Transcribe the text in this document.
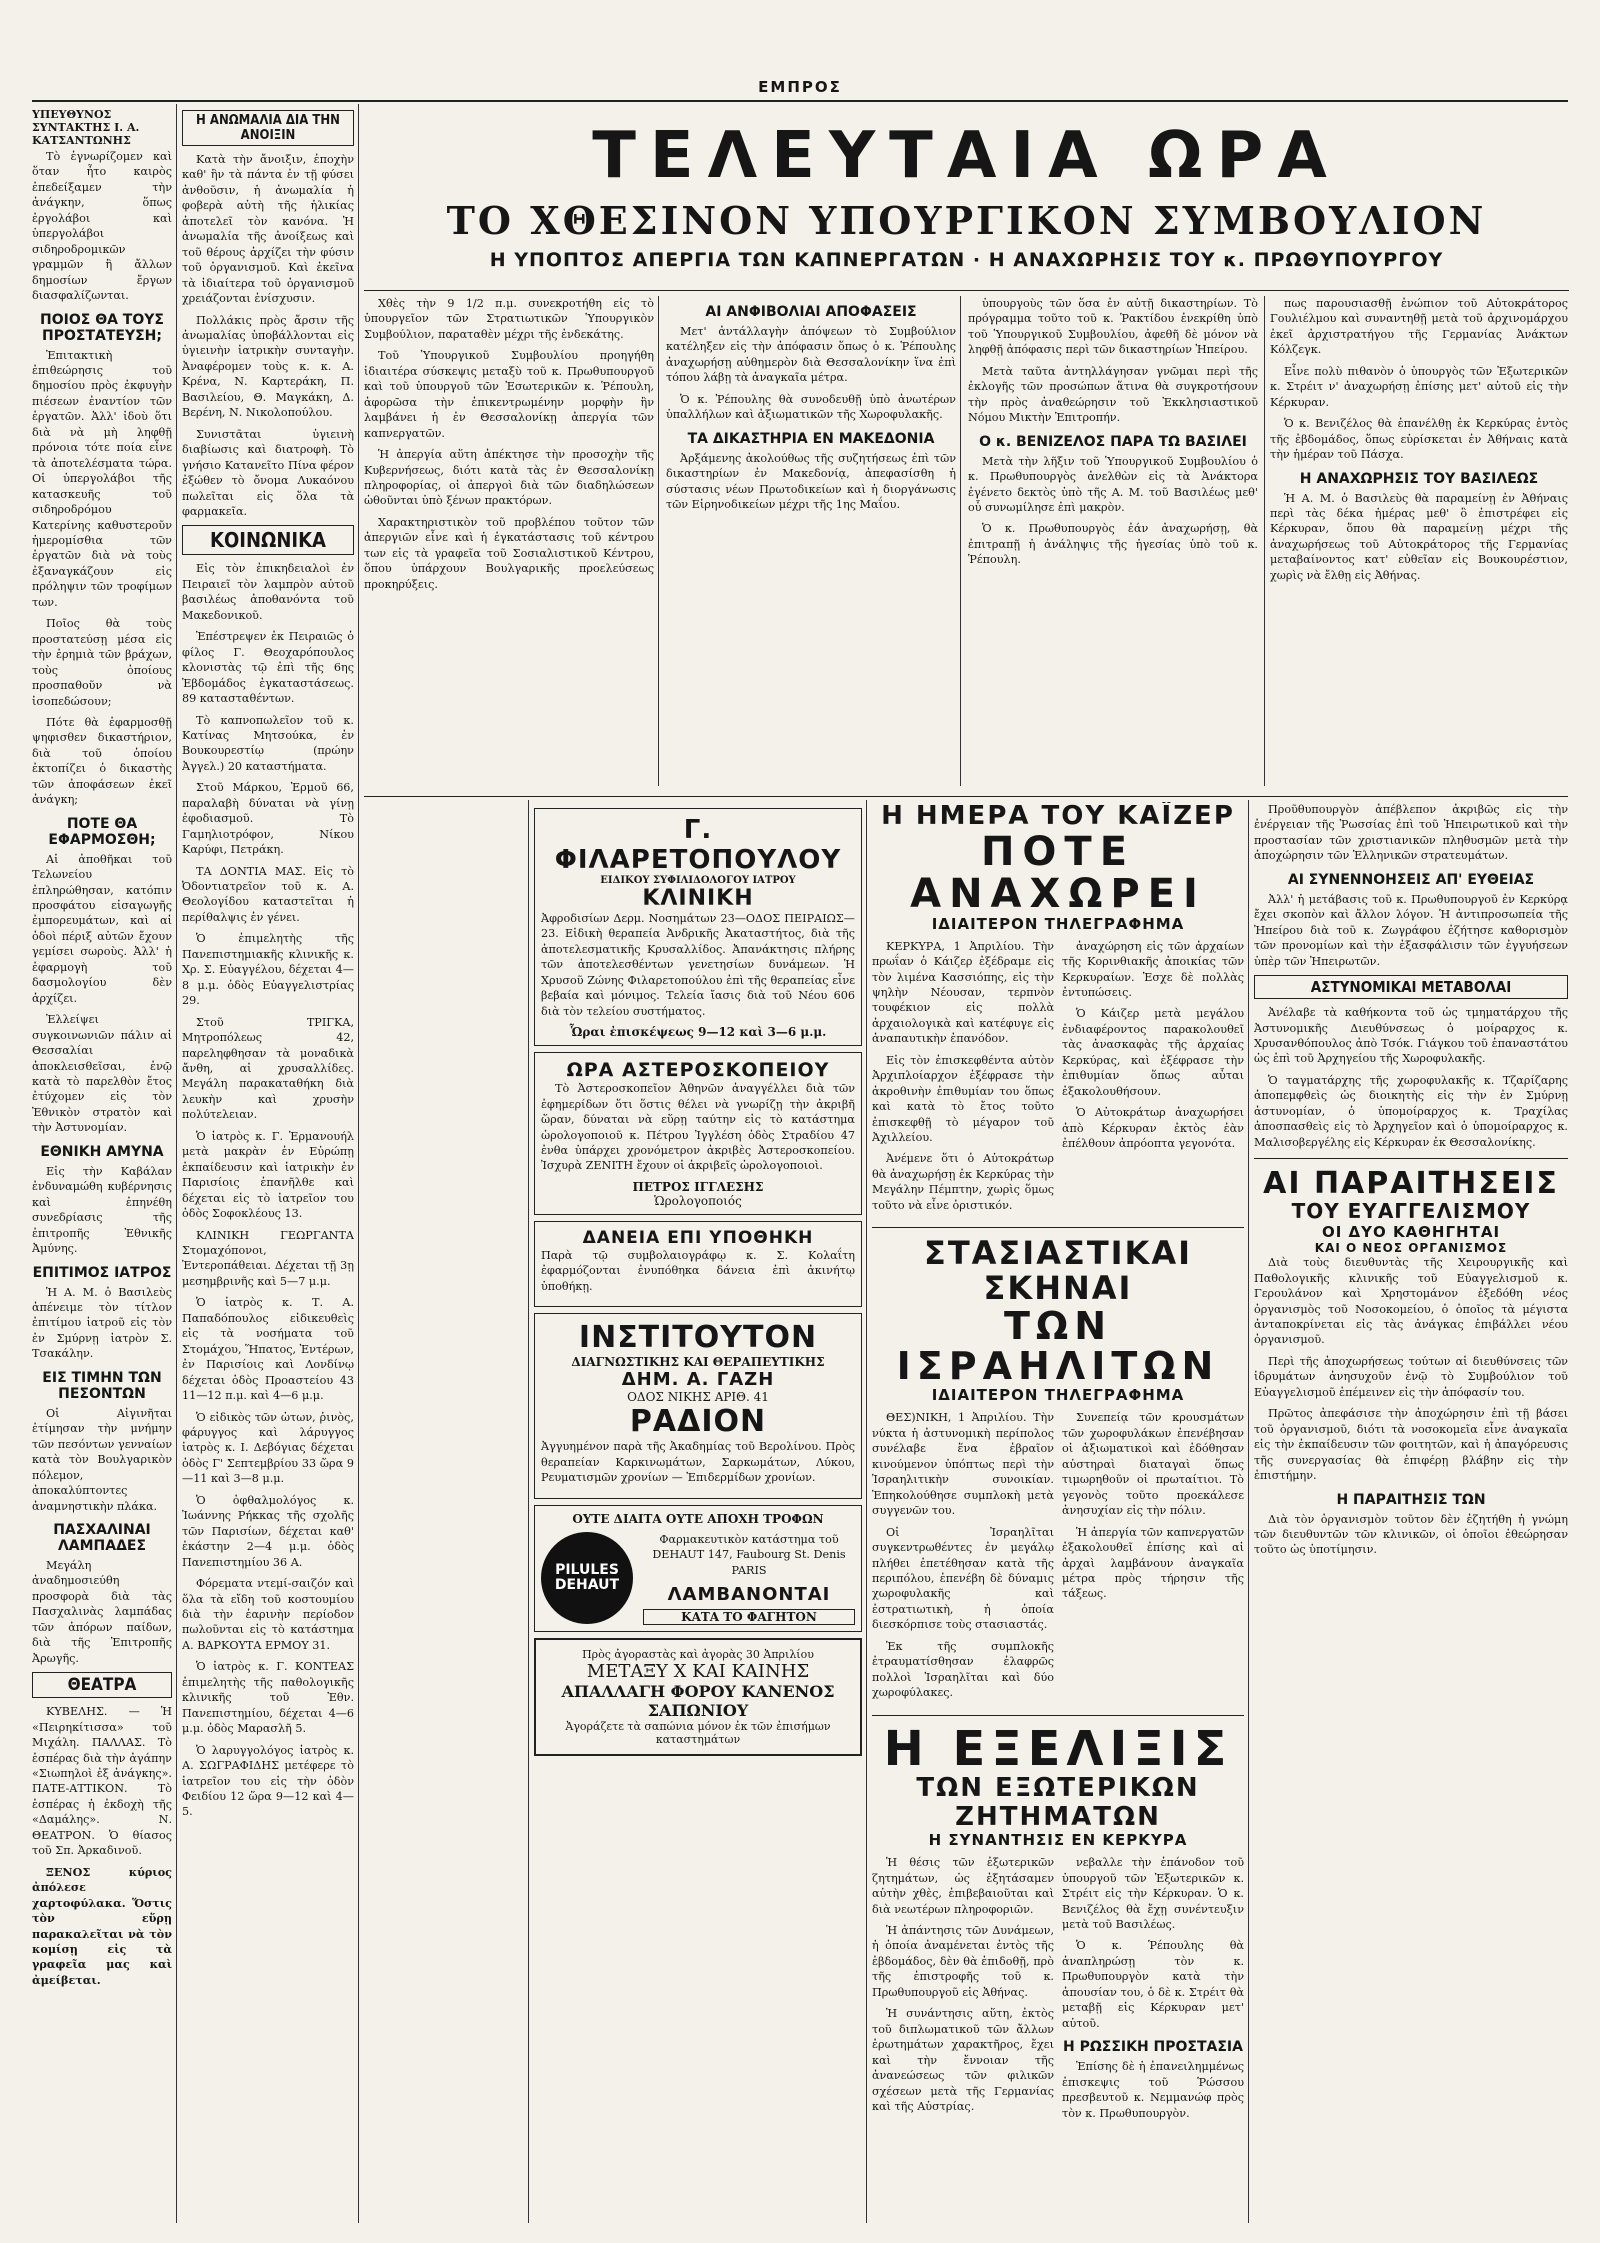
ΕΜΠΡΟΣ
ΥΠΕΥΘΥΝΟΣ ΣΥΝΤΑΚΤΗΣ Ι. Α. ΚΑΤΣΑΝΤΩΝΗΣ

Τὸ ἐγνωρίζομεν καὶ ὅταν ἦτο καιρὸς ἐπεδείξαμεν τὴν ἀνάγκην, ὅπως ἐργολάβοι καὶ ὑπεργολάβοι σιδηροδρομικῶν γραμμῶν ἢ ἄλλων δημοσίων ἔργων διασφαλίζωνται.

ΠΟΙΟΣ ΘΑ ΤΟΥΣ ΠΡΟΣΤΑΤΕΥΣΗ;

Ἐπιτακτικὴ ἐπιθεώρησις τοῦ δημοσίου πρὸς ἐκφυγὴν πιέσεων ἐναντίον τῶν ἐργατῶν. Ἀλλ' ἰδοὺ ὅτι διὰ νὰ μὴ ληφθῇ πρόνοια τότε ποία εἶνε τὰ ἀποτελέσματα τώρα. Οἱ ὑπεργολάβοι τῆς κατασκευῆς τοῦ σιδηροδρόμου Κατερίνης καθυστεροῦν ἡμερομίσθια τῶν ἐργατῶν διὰ νὰ τοὺς ἐξαναγκάζουν εἰς πρόληψιν τῶν τροφίμων των.

Ποῖος θὰ τοὺς προστατεύσῃ μέσα εἰς τὴν ἐρημιὰ τῶν βράχων, τοὺς ὁποίους προσπαθοῦν νὰ ἰσοπεδώσουν;

Πότε θὰ ἐφαρμοσθῇ ψηφισθεν δικαστήριον, διὰ τοῦ ὁποίου ἐκτοπίζει ὁ δικαστὴς τῶν ἀποφάσεων ἐκεῖ ἀνάγκη;

ΠΟΤΕ ΘΑ ΕΦΑΡΜΟΣΘΗ;

Αἱ ἀποθῆκαι τοῦ Τελωνείου ἐπληρώθησαν, κατόπιν προσφάτου εἰσαγωγῆς ἐμπορευμάτων, καὶ αἱ ὁδοὶ πέριξ αὐτῶν ἔχουν γεμίσει σωροὺς. Ἀλλ' ἡ ἐφαρμογὴ τοῦ δασμολογίου δὲν ἀρχίζει.

Ἐλλείψει συγκοινωνιῶν πάλιν αἱ Θεσσαλίαι ἀποκλεισθεῖσαι, ἐνῷ κατὰ τὸ παρελθὸν ἔτος ἐτύχομεν εἰς τὸν Ἐθνικὸν στρατὸν καὶ τὴν Ἀστυνομίαν.

ΕΘΝΙΚΗ ΑΜΥΝΑ

Εἰς τὴν Καβάλαν ἐνδυναμώθη κυβέρνησις καὶ ἐπηνέθη συνεδρίασις τῆς ἐπιτροπῆς Ἐθνικῆς Ἀμύνης.

ΕΠΙΤΙΜΟΣ ΙΑΤΡΟΣ

Ἡ Α. Μ. ὁ Βασιλεὺς ἀπένειμε τὸν τίτλον ἐπιτίμου ἰατροῦ εἰς τὸν ἐν Σμύρνῃ ἰατρὸν Σ. Τσακάλην.

ΕΙΣ ΤΙΜΗΝ ΤΩΝ ΠΕΣΟΝΤΩΝ

Οἱ Αἰγινῆται ἐτίμησαν τὴν μνήμην τῶν πεσόντων γενναίων κατὰ τὸν Βουλγαρικὸν πόλεμον, ἀποκαλύπτοντες ἀναμνηστικὴν πλάκα.

ΠΑΣΧΑΛΙΝΑΙ ΛΑΜΠΑΔΕΣ

Μεγάλη ἀναδημοσιεύθη προσφορὰ διὰ τὰς Πασχαλινὰς λαμπάδας τῶν ἀπόρων παίδων, διὰ τῆς Ἐπιτροπῆς Ἀρωγῆς.

ΘΕΑΤΡΑ

ΚΥΒΕΛΗΣ. — Ἡ «Πειρηκίτισσα» τοῦ Μιχάλη. ΠΑΛΛΑΣ. Τὸ ἑσπέρας διὰ τὴν ἀγάπην «Σιωπηλοὶ ἐξ ἀνάγκης». ΠΑΤΕ-ΑΤΤΙΚΟΝ. Τὸ ἑσπέρας ἡ ἐκδοχὴ τῆς «Δαμάλης». Ν. ΘΕΑΤΡΟΝ. Ὁ θίασος τοῦ Σπ. Ἀρκαδινοῦ.

ΞΕΝΟΣ κύριος ἀπόλεσε χαρτοφύλακα. Ὅστις τὸν εὕρῃ παρακαλεῖται νὰ τὸν κομίσῃ εἰς τὰ γραφεῖα μας καὶ ἀμείβεται.

Η ΑΝΩΜΑΛΙΑ ΔΙΑ ΤΗΝ ΑΝΟΙΞΙΝ

Κατὰ τὴν ἄνοιξιν, ἐποχὴν καθ' ἣν τὰ πάντα ἐν τῇ φύσει ἀνθοῦσιν, ἡ ἀνωμαλία ἡ φοβερὰ αὐτὴ τῆς ἡλικίας ἀποτελεῖ τὸν κανόνα. Ἡ ἀνωμαλία τῆς ἀνοίξεως καὶ τοῦ θέρους ἀρχίζει τὴν φύσιν τοῦ ὀργανισμοῦ. Καὶ ἐκεῖνα τὰ ἰδιαίτερα τοῦ ὀργανισμοῦ χρειάζονται ἐνίσχυσιν.

Πολλάκις πρὸς ἄρσιν τῆς ἀνωμαλίας ὑποβάλλονται εἰς ὑγιεινὴν ἰατρικὴν συνταγὴν. Ἀναφέρομεν τοὺς κ. κ. Α. Κρένα, Ν. Καρτεράκη, Π. Βασιλείου, Θ. Μαγκάκη, Δ. Βερένη, Ν. Νικολοπούλου.

Συνιστᾶται ὑγιεινὴ διαβίωσις καὶ διατροφὴ. Τὸ γνήσιο Κατανεῖτο Πίνα φέρον ἐξώθεν τὸ ὄνομα Λυκαόνου πωλεῖται εἰς ὅλα τὰ φαρμακεῖα.

ΚΟΙΝΩΝΙΚΑ

Εἰς τὸν ἐπικηδειαλοὶ ἐν Πειραιεῖ τὸν λαμπρὸν αὐτοῦ βασιλέως ἀποθανόντα τοῦ Μακεδονικοῦ.

Ἐπέστρεψεν ἐκ Πειραιῶς ὁ φίλος Γ. Θεοχαρόπουλος κλονιστὰς τῷ ἐπὶ τῆς 6ης Ἑβδομάδος ἐγκαταστάσεως. 89 κατασταθέντων.

Τὸ καπνοπωλεῖον τοῦ κ. Κατίνας Μητσούκα, ἐν Βουκουρεστίῳ (πρώην Ἀγγελ.) 20 καταστήματα.

Στοῦ Μάρκου, Ἑρμοῦ 66, παραλαβὴ δύναται νὰ γίνῃ ἐφοδιασμοῦ. Τὸ Γαμηλιοτρόφον, Νίκου Καρύφι, Πετράκη.

ΤΑ ΔΟΝΤΙΑ ΜΑΣ. Εἰς τὸ Ὀδοντιατρεῖον τοῦ κ. Α. Θεολογίδου καταστεῖται ἡ περίθαλψις ἐν γένει.

Ὁ ἐπιμελητὴς τῆς Πανεπιστημιακῆς κλινικῆς κ. Χρ. Σ. Εὐαγγέλου, δέχεται 4—8 μ.μ. ὁδὸς Εὐαγγελιστρίας 29.

Στοῦ ΤΡΙΓΚΑ, Μητροπόλεως 42, παρεληφθησαν τὰ μοναδικὰ ἄνθη, αἱ χρυσαλλίδες. Μεγάλη παρακαταθήκη διὰ λευκὴν καὶ χρυσὴν πολύτελειαν.

Ὁ ἰατρὸς κ. Γ. Ἑρμανουήλ μετὰ μακρὰν ἐν Εὐρώπῃ ἐκπαίδευσιν καὶ ἰατρικὴν ἐν Παρισίοις ἐπανῆλθε καὶ δέχεται εἰς τὸ ἰατρεῖον του ὁδὸς Σοφοκλέους 13.

ΚΛΙΝΙΚΗ ΓΕΩΡΓΑΝΤΑ Στομαχόπονοι, Ἐντεροπάθειαι. Δέχεται τῇ 3ῃ μεσημβρινῆς καὶ 5—7 μ.μ.

Ὁ ἰατρὸς κ. Τ. Α. Παπαδόπουλος εἰδικευθεὶς εἰς τὰ νοσήματα τοῦ Στομάχου, Ἥπατος, Ἐντέρων, ἐν Παρισίοις καὶ Λονδίνῳ δέχεται ὁδὸς Προαστείου 43 11—12 π.μ. καὶ 4—6 μ.μ.

Ὁ εἰδικὸς τῶν ὠτων, ῥινὸς, φάρυγγος καὶ λάρυγγος ἰατρὸς κ. Ι. Δεβόγιας δέχεται ὁδὸς Γ' Σεπτεμβρίου 33 ὥρα 9—11 καὶ 3—8 μ.μ.

Ὁ ὀφθαλμολόγος κ. Ἰωάννης Ρήκκας τῆς σχολῆς τῶν Παρισίων, δέχεται καθ' ἑκάστην 2—4 μ.μ. ὁδὸς Πανεπιστημίου 36 Α.

Φόρεματα ντεμί-σαιζόν καὶ ὅλα τὰ εἴδη τοῦ κοστουμίου διὰ τὴν ἐαρινὴν περίοδον πωλοῦνται εἰς τὸ κατάστημα Α. ΒΑΡΚΟΥΤΑ ΕΡΜΟΥ 31.

Ὁ ἰατρὸς κ. Γ. ΚΟΝΤΕΑΣ ἐπιμελητὴς τῆς παθολογικῆς κλινικῆς τοῦ Ἐθν. Πανεπιστημίου, δέχεται 4—6 μ.μ. ὁδὸς Μαρασλῆ 5.

Ὁ λαρυγγολόγος ἰατρὸς κ. Α. ΣΩΓΡΑΦΙΔΗΣ μετέφερε τὸ ἰατρεῖον του εἰς τὴν ὁδὸν Φειδίου 12 ὥρα 9—12 καὶ 4—5.

ΤΕΛΕΥΤΑΙΑ ΩΡΑ
ΤΟ ΧΘΕΣΙΝΟΝ ΥΠΟΥΡΓΙΚΟΝ ΣΥΜΒΟΥΛΙΟΝ
Η ΥΠΟΠΤΟΣ ΑΠΕΡΓΙΑ ΤΩΝ ΚΑΠΝΕΡΓΑΤΩΝ · Η ΑΝΑΧΩΡΗΣΙΣ ΤΟΥ κ. ΠΡΩΘΥΠΟΥΡΓΟΥ

Χθὲς τὴν 9 1/2 π.μ. συνεκροτήθη εἰς τὸ ὑπουργεῖον τῶν Στρατιωτικῶν Ὑπουργικὸν Συμβούλιον, παραταθὲν μέχρι τῆς ἐνδεκάτης.

Τοῦ Ὑπουργικοῦ Συμβουλίου προηγήθη ἰδιαιτέρα σύσκεψις μεταξὺ τοῦ κ. Πρωθυπουργοῦ καὶ τοῦ ὑπουργοῦ τῶν Ἐσωτερικῶν κ. Ῥέπουλη, ἀφορῶσα τὴν ἐπικεντρωμένην μορφὴν ἣν λαμβάνει ἡ ἐν Θεσσαλονίκῃ ἀπεργία τῶν καπνεργατῶν.

Ἡ ἀπεργία αὕτη ἀπέκτησε τὴν προσοχὴν τῆς Κυβερνήσεως, διότι κατὰ τὰς ἐν Θεσσαλονίκῃ πληροφορίας, οἱ ἀπεργοὶ διὰ τῶν διαδηλώσεων ὠθοῦνται ὑπὸ ξένων πρακτόρων.

Χαρακτηριστικὸν τοῦ προβλέπου τοῦτον τῶν ἀπεργιῶν εἶνε καὶ ἡ ἐγκατάστασις τοῦ κέντρου των εἰς τὰ γραφεῖα τοῦ Σοσιαλιστικοῦ Κέντρου, ὅπου ὑπάρχουν Βουλγαρικῆς προελεύσεως προκηρύξεις.

ΑΙ ΑΝΦΙΒΟΛΙΑΙ ΑΠΟΦΑΣΕΙΣ

Μετ' ἀντάλλαγὴν ἀπόψεων τὸ Συμβούλιον κατέληξεν εἰς τὴν ἀπόφασιν ὅπως ὁ κ. Ῥέπουλης ἀναχωρήσῃ αὐθημερὸν διὰ Θεσσαλονίκην ἵνα ἐπὶ τόπου λάβῃ τὰ ἀναγκαῖα μέτρα.

Ὁ κ. Ῥέπουλης θὰ συνοδευθῇ ὑπὸ ἀνωτέρων ὑπαλλήλων καὶ ἀξιωματικῶν τῆς Χωροφυλακῆς.

ΤΑ ΔΙΚΑΣΤΗΡΙΑ ΕΝ ΜΑΚΕΔΟΝΙΑ

Ἀρξάμενης ἀκολούθως τῆς συζητήσεως ἐπὶ τῶν δικαστηρίων ἐν Μακεδονίᾳ, ἀπεφασίσθη ἡ σύστασις νέων Πρωτοδικείων καὶ ἡ διοργάνωσις τῶν Εἰρηνοδικείων μέχρι τῆς 1ης Μαΐου.

ὑπουργοὺς τῶν ὅσα ἐν αὐτῇ δικαστηρίων. Τὸ πρόγραμμα τοῦτο τοῦ κ. Ῥακτίδου ἐνεκρίθη ὑπὸ τοῦ Ὑπουργικοῦ Συμβουλίου, ἀφεθῆ δὲ μόνον νὰ ληφθῇ ἀπόφασις περὶ τῶν δικαστηρίων Ἠπείρου.

Μετὰ ταῦτα ἀντηλλάγησαν γνῶμαι περὶ τῆς ἐκλογῆς τῶν προσώπων ἅτινα θὰ συγκροτήσουν τὴν πρὸς ἀναθεώρησιν τοῦ Ἐκκλησιαστικοῦ Νόμου Μικτὴν Ἐπιτροπήν.

Ο κ. ΒΕΝΙΖΕΛΟΣ ΠΑΡΑ ΤΩ ΒΑΣΙΛΕΙ

Μετὰ τὴν λῆξιν τοῦ Ὑπουργικοῦ Συμβουλίου ὁ κ. Πρωθυπουργὸς ἀνελθὼν εἰς τὰ Ἀνάκτορα ἐγένετο δεκτὸς ὑπὸ τῆς Α. Μ. τοῦ Βασιλέως μεθ' οὗ συνωμίλησε ἐπὶ μακρὸν.

Ὁ κ. Πρωθυπουργὸς ἐάν ἀναχωρήσῃ, θὰ ἐπιτραπῇ ἡ ἀνάληψις τῆς ἡγεσίας ὑπὸ τοῦ κ. Ῥέπουλη.

πως παρουσιασθῇ ἐνώπιον τοῦ Αὐτοκράτορος Γουλιέλμου καὶ συναντηθῇ μετὰ τοῦ ἀρχινομάρχου ἐκεῖ ἀρχιστρατήγου τῆς Γερμανίας Ἀνάκτων Κόλζεγκ.

Εἶνε πολὺ πιθανὸν ὁ ὑπουργὸς τῶν Ἐξωτερικῶν κ. Στρέιτ ν' ἀναχωρήσῃ ἐπίσης μετ' αὐτοῦ εἰς τὴν Κέρκυραν.

Ὁ κ. Βενιζέλος θὰ ἐπανέλθῃ ἐκ Κερκύρας ἐντὸς τῆς ἑβδομάδος, ὅπως εὑρίσκεται ἐν Ἀθήναις κατὰ τὴν ἡμέραν τοῦ Πάσχα.

Η ΑΝΑΧΩΡΗΣΙΣ ΤΟΥ ΒΑΣΙΛΕΩΣ

Ἡ Α. Μ. ὁ Βασιλεὺς θὰ παραμείνῃ ἐν Ἀθήναις περὶ τὰς δέκα ἡμέρας μεθ' ὃ ἐπιστρέφει εἰς Κέρκυραν, ὅπου θὰ παραμείνῃ μέχρι τῆς ἀναχωρήσεως τοῦ Αὐτοκράτορος τῆς Γερμανίας μεταβαίνοντος κατ' εὐθεῖαν εἰς Βουκουρέστιον, χωρὶς νὰ ἔλθῃ εἰς Ἀθήνας.

Γ. ΦΙΛΑΡΕΤΟΠΟΥΛΟΥ
ΕΙΔΙΚΟΥ ΣΥΦΙΛΙΔΟΛΟΓΟΥ ΙΑΤΡΟΥ
ΚΛΙΝΙΚΗ

Ἀφροδισίων Δερμ. Νοσημάτων 23—ΟΔΟΣ ΠΕΙΡΑΙΩΣ—23. Εἰδικὴ θεραπεία Ἀνδρικῆς Ἀκαταστήτος, διὰ τῆς ἀποτελεσματικῆς Κρυσαλλίδος. Ἀπανάκτησις πλήρης τῶν ἀποτελεσθέντων γενετησίων δυνάμεων. Ἡ Χρυσοῦ Ζώνης Φιλαρετοπούλου ἐπὶ τῆς θεραπείας εἶνε βεβαία καὶ μόνιμος. Τελεία ἴασις διὰ τοῦ Νέου 606 διὰ τὸν τελείου συστήματος.

Ὧραι ἐπισκέψεως 9—12 καὶ 3—6 μ.μ.
ΩΡΑ ΑΣΤΕΡΟΣΚΟΠΕΙΟΥ

Τὸ Ἀστεροσκοπεῖον Ἀθηνῶν ἀναγγέλλει διὰ τῶν ἐφημερίδων ὅτι ὅστις θέλει νὰ γνωρίζῃ τὴν ἀκριβῆ ὥραν, δύναται νὰ εὕρῃ ταύτην εἰς τὸ κατάστημα ὡρολογοποιοῦ κ. Πέτρου Ἰγγλέση ὁδὸς Στραδίου 47 ἐνθα ὑπάρχει χρονόμετρον ἀκριβὲς Ἀστεροσκοπείου. Ἰσχυρὰ ZENITH ἔχουν οἱ ἀκριβεῖς ὡρολογοποιοὶ.

ΠΕΤΡΟΣ ΙΓΓΛΕΣΗΣ
Ὡρολογοποιός
ΔΑΝΕΙΑ ΕΠΙ ΥΠΟΘΗΚΗ

Παρὰ τῷ συμβολαιογράφῳ κ. Σ. Κολαΐτη ἐφαρμόζονται ἐνυπόθηκα δάνεια ἐπὶ ἀκινήτῳ ὑποθήκῃ.

ΙΝΣΤΙΤΟΥΤΟΝ
ΔΙΑΓΝΩΣΤΙΚΗΣ ΚΑΙ ΘΕΡΑΠΕΥΤΙΚΗΣ
ΔΗΜ. Α. ΓΑΖΗ
ΟΔΟΣ ΝΙΚΗΣ ΑΡΙΘ. 41
ΡΑΔΙΟΝ

Ἀγγυημένον παρὰ τῆς Ἀκαδημίας τοῦ Βερολίνου. Πρὸς θεραπείαν Καρκινωμάτων, Σαρκωμάτων, Λύκου, Ρευματισμῶν χρονίων — Ἐπιδερμίδων χρονίων.

ΟΥΤΕ ΔΙΑΙΤΑ ΟΥΤΕ ΑΠΟΧΗ ΤΡΟΦΩΝ
PILULES
DEHAUT

Φαρμακευτικὸν κατάστημα τοῦ DEHAUT 147, Faubourg St. Denis PARIS

ΛΑΜΒΑΝΟΝΤΑΙ
ΚΑΤΑ ΤΟ ΦΑΓΗΤΟΝ
Πρὸς ἀγοραστὰς καὶ ἀγορὰς 30 Ἀπριλίου
ΜΕΤΑΞΥ Χ ΚΑΙ ΚΑΙΝΗΣ
ΑΠΑΛΛΑΓΗ ΦΟΡΟΥ ΚΑΝΕΝΟΣ ΣΑΠΩΝΙΟΥ
Ἀγοράζετε τὰ σαπώνια μόνον ἐκ τῶν ἐπισήμων καταστημάτων
Η ΗΜΕΡΑ ΤΟΥ ΚΑΪΖΕΡ
ΠΟΤΕ ΑΝΑΧΩΡΕΙ
ΙΔΙΑΙΤΕΡΟΝ ΤΗΛΕΓΡΑΦΗΜΑ

ΚΕΡΚΥΡΑ, 1 Ἀπριλίου. Τὴν πρωΐαν ὁ Κάιζερ ἐξέδραμε εἰς τὸν λιμένα Κασσιόπης, εἰς τὴν ψηλὴν Νέουσαν, τερπνὸν τουφέκιον εἰς πολλὰ ἀρχαιολογικὰ καὶ κατέφυγε εἰς ἀναπαυτικὴν ἐπανόδον.

Εἰς τὸν ἐπισκεφθέντα αὐτὸν Ἀρχιπλοίαρχον ἐξέφρασε τὴν ἀκροθινὴν ἐπιθυμίαν του ὅπως καὶ κατὰ τὸ ἔτος τοῦτο ἐπισκεφθῇ τὸ μέγαρον τοῦ Ἀχιλλείου.

Ἀνέμενε ὅτι ὁ Αὐτοκράτωρ θὰ ἀναχωρήσῃ ἐκ Κερκύρας τὴν Μεγάλην Πέμπτην, χωρὶς ὅμως τοῦτο νὰ εἶνε ὁριστικόν.

ἀναχώρηση εἰς τῶν ἀρχαίων τῆς Κορινθιακῆς ἀποικίας τῶν Κερκυραίων. Ἐσχε δὲ πολλὰς ἐντυπώσεις.

Ὁ Κάιζερ μετὰ μεγάλου ἐνδιαφέροντος παρακολουθεῖ τὰς ἀνασκαφὰς τῆς ἀρχαίας Κερκύρας, καὶ ἐξέφρασε τὴν ἐπιθυμίαν ὅπως αὗται ἐξακολουθήσουν.

Ὁ Αὐτοκράτωρ ἀναχωρήσει ἀπὸ Κέρκυραν ἐκτὸς ἐὰν ἐπέλθουν ἀπρόοπτα γεγονότα.

ΣΤΑΣΙΑΣΤΙΚΑΙ ΣΚΗΝΑΙ
ΤΩΝ ΙΣΡΑΗΛΙΤΩΝ
ΙΔΙΑΙΤΕΡΟΝ ΤΗΛΕΓΡΑΦΗΜΑ

ΘΕΣ)ΝΙΚΗ, 1 Ἀπριλίου. Τὴν νύκτα ἡ ἀστυνομικὴ περίπολος συνέλαβε ἕνα ἐβραῖον κινούμενον ὑπόπτως περὶ τὴν Ἰσραηλιτικὴν συνοικίαν. Ἐπηκολούθησε συμπλοκὴ μετὰ συγγενῶν του.

Οἱ Ἰσραηλῖται συγκεντρωθέντες ἐν μεγάλῳ πλήθει ἐπετέθησαν κατὰ τῆς περιπόλου, ἐπενέβη δὲ δύναμις χωροφυλακῆς καὶ ἐστρατιωτικὴ, ἡ ὁποία διεσκόρπισε τοὺς στασιαστάς.

Ἐκ τῆς συμπλοκῆς ἐτραυματίσθησαν ἐλαφρῶς πολλοὶ Ἰσραηλῖται καὶ δύο χωροφύλακες.

Συνεπείᾳ τῶν κρουσμάτων τῶν χωροφυλάκων ἐπενέβησαν οἱ ἀξιωματικοὶ καὶ ἐδόθησαν αὐστηραὶ διαταγαὶ ὅπως τιμωρηθοῦν οἱ πρωταίτιοι. Τὸ γεγονὸς τοῦτο προεκάλεσε ἀνησυχίαν εἰς τὴν πόλιν.

Ἡ ἀπεργία τῶν καπνεργατῶν ἐξακολουθεῖ ἐπίσης καὶ αἱ ἀρχαὶ λαμβάνουν ἀναγκαῖα μέτρα πρὸς τήρησιν τῆς τάξεως.

Η ΕΞΕΛΙΞΙΣ
ΤΩΝ ΕΞΩΤΕΡΙΚΩΝ ΖΗΤΗΜΑΤΩΝ
Η ΣΥΝΑΝΤΗΣΙΣ ΕΝ ΚΕΡΚΥΡΑ

Ἡ θέσις τῶν ἐξωτερικῶν ζητημάτων, ὡς ἐξητάσαμεν αὐτὴν χθὲς, ἐπιβεβαιοῦται καὶ διὰ νεωτέρων πληροφοριῶν.

Ἡ ἀπάντησις τῶν Δυνάμεων, ἡ ὁποία ἀναμένεται ἐντὸς τῆς ἑβδομάδος, δὲν θὰ ἐπιδοθῇ, πρὸ τῆς ἐπιστροφῆς τοῦ κ. Πρωθυπουργοῦ εἰς Ἀθήνας.

Ἡ συνάντησις αὕτη, ἐκτὸς τοῦ διπλωματικοῦ τῶν ἄλλων ἐρωτημάτων χαρακτῆρος, ἔχει καὶ τὴν ἔννοιαν τῆς ἀνανεώσεως τῶν φιλικῶν σχέσεων μετὰ τῆς Γερμανίας καὶ τῆς Αὐστρίας.

νεβαλλε τὴν ἐπάνοδον τοῦ ὑπουργοῦ τῶν Ἐξωτερικῶν κ. Στρέιτ εἰς τὴν Κέρκυραν. Ὁ κ. Βενιζέλος θὰ ἔχῃ συνέντευξιν μετὰ τοῦ Βασιλέως.

Ὁ κ. Ῥέπουλης θὰ ἀναπληρώσῃ τὸν κ. Πρωθυπουργὸν κατὰ τὴν ἀπουσίαν του, ὁ δὲ κ. Στρέιτ θὰ μεταβῇ εἰς Κέρκυραν μετ' αὐτοῦ.

Η ΡΩΣΣΙΚΗ ΠΡΟΣΤΑΣΙΑ

Ἐπίσης δὲ ἡ ἐπανειλημμένως ἐπισκεψις τοῦ Ῥώσσου πρεσβευτοῦ κ. Νεμμανώφ πρὸς τὸν κ. Πρωθυπουργὸν.

Προῦθυπουργὸν ἀπέβλεπον ἀκριβῶς εἰς τὴν ἐνέργειαν τῆς Ῥωσσίας ἐπὶ τοῦ Ἠπειρωτικοῦ καὶ τὴν προστασίαν τῶν χριστιανικῶν πληθυσμῶν μετὰ τὴν ἀποχώρησιν τῶν Ἑλληνικῶν στρατευμάτων.

ΑΙ ΣΥΝΕΝΝΟΗΣΕΙΣ ΑΠ' ΕΥΘΕΙΑΣ

Ἀλλ' ἡ μετάβασις τοῦ κ. Πρωθυπουργοῦ ἐν Κερκύρᾳ ἔχει σκοπὸν καὶ ἄλλον λόγον. Ἡ ἀντιπροσωπεία τῆς Ἠπείρου διὰ τοῦ κ. Ζωγράφου ἐζήτησε καθορισμὸν τῶν προνομίων καὶ τὴν ἐξασφάλισιν τῶν ἐγγυήσεων ὑπὲρ τῶν Ἠπειρωτῶν.

ΑΣΤΥΝΟΜΙΚΑΙ ΜΕΤΑΒΟΛΑΙ

Ἀνέλαβε τὰ καθήκοντα τοῦ ὡς τμηματάρχου τῆς Ἀστυνομικῆς Διευθύνσεως ὁ μοίραρχος κ. Χρυσανθόπουλος ἀπὸ Τσόκ. Γιάγκου τοῦ ἐπαναστάτου ὡς ἐπὶ τοῦ Ἀρχηγείου τῆς Χωροφυλακῆς.

Ὁ ταγματάρχης τῆς χωροφυλακῆς κ. Τζαρίζαρης ἀποπεμφθεὶς ὡς διοικητὴς εἰς τὴν ἐν Σμύρνῃ ἀστυνομίαν, ὁ ὑπομοίραρχος κ. Τραχίλας ἀποσπασθεὶς εἰς τὸ Ἀρχηγεῖον καὶ ὁ ὑπομοίραρχος κ. Μαλισοβεργέλης εἰς Κέρκυραν ἐκ Θεσσαλονίκης.

ΑΙ ΠΑΡΑΙΤΗΣΕΙΣ
ΤΟΥ ΕΥΑΓΓΕΛΙΣΜΟΥ
ΟΙ ΔΥΟ ΚΑΘΗΓΗΤΑΙ
ΚΑΙ Ο ΝΕΟΣ ΟΡΓΑΝΙΣΜΟΣ

Διὰ τοὺς διευθυντὰς τῆς Χειρουργικῆς καὶ Παθολογικῆς κλινικῆς τοῦ Εὐαγγελισμοῦ κ. Γερουλάνον καὶ Χρηστομάνον ἐξεδόθη νέος ὀργανισμὸς τοῦ Νοσοκομείου, ὁ ὁποῖος τὰ μέγιστα ἀνταποκρίνεται εἰς τὰς ἀνάγκας ἐπιβάλλει νέου ὀργανισμοῦ.

Περὶ τῆς ἀποχωρήσεως τούτων αἱ διευθύνσεις τῶν ἰδρυμάτων ἀνησυχοῦν ἐνῷ τὸ Συμβούλιον τοῦ Εὐαγγελισμοῦ ἐπέμεινεν εἰς τὴν ἀπόφασίν του.

Πρῶτος ἀπεφάσισε τὴν ἀποχώρησιν ἐπὶ τῇ βάσει τοῦ ὀργανισμοῦ, διότι τὰ νοσοκομεῖα εἶνε ἀναγκαῖα εἰς τὴν ἐκπαίδευσιν τῶν φοιτητῶν, καὶ ἡ ἀπαγόρευσις τῆς συνεργασίας θὰ ἐπιφέρῃ βλάβην εἰς τὴν ἐπιστήμην.

Η ΠΑΡΑΙΤΗΣΙΣ ΤΩΝ

Διὰ τὸν ὀργανισμὸν τοῦτον δὲν ἐζητήθη ἡ γνώμη τῶν διευθυντῶν τῶν κλινικῶν, οἱ ὁποῖοι ἐθεώρησαν τοῦτο ὡς ὑποτίμησιν.
